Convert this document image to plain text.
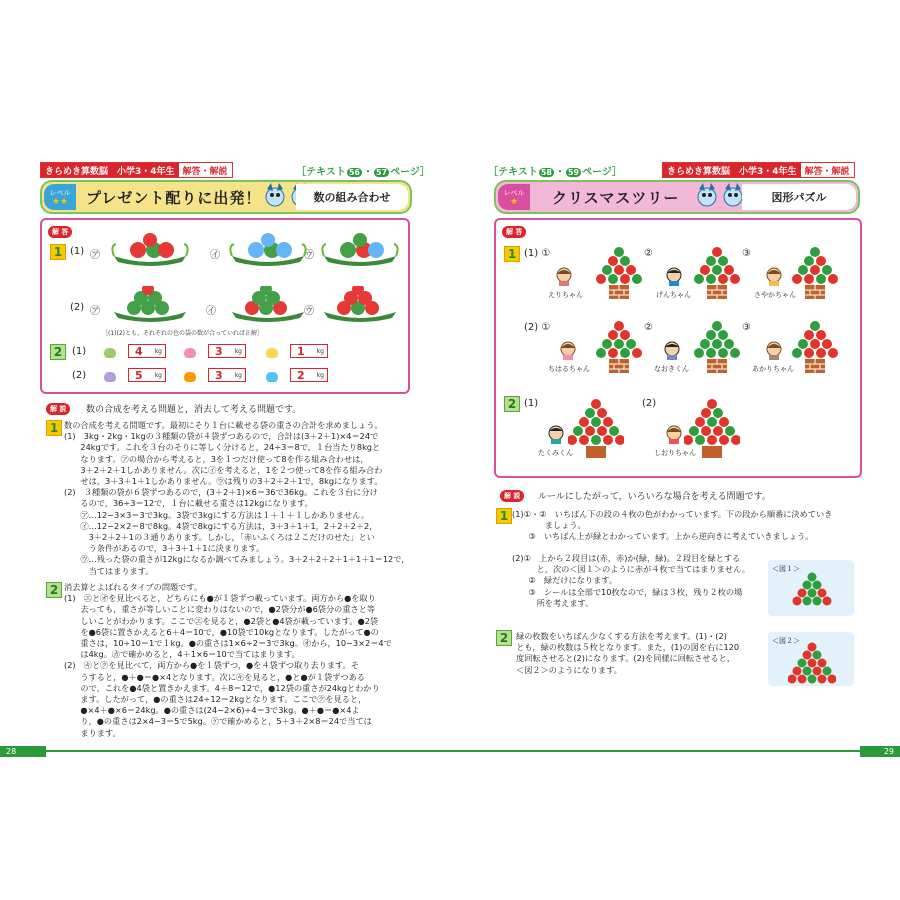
きらめき算数脳　小学3・4年生 解答・解説	［テキスト 56 ・ 57 ページ］
レベル
★★	プレゼント配りに出発！	数の組み合わせ
解 答
1 (1) ㋐	㋑	㋒
(2) ㋐	㋑	㋒
［(1)(2)とも，それぞれの色の袋の数が合っていれば正解］
2 (1)
(2)
4 kg	3 kg	1 kg
5 kg	3 kg	2 kg
解 説	数の合成を考える問題と，消去して考える問題です。
1 数の合成を考える問題です。最初にそり１台に載せる袋の重さの合計を求めましょう。
(1)　3kg・2kg・1kgの３種類の袋が４袋ずつあるので，合計は(3＋2＋1)×4＝24で
　　24kgです。これを３台のそりに等しく分けると，24÷3＝8で，１台当たり8kgと
　　なります。㋐の場合から考えると，3を１つだけ使って8を作る組み合わせは，
　　3＋2＋2＋1しかありません。次に㋑を考えると，1を２つ使って8を作る組み合わ
　　せは，3＋3＋1＋1しかありません。㋒は残りの3＋2＋2＋1で，8kgになります。
(2)　３種類の袋が６袋ずつあるので，(3＋2＋1)×6＝36で36kg。これを３台に分け
　　るので，36÷3＝12で，１台に載せる重さは12kgになります。
　　㋐…12−3×3＝3で3kg。3袋で3kgにする方法は１＋１＋１しかありません。
　　㋑…12−2×2＝8で8kg。4袋で8kgにする方法は，3＋3＋1＋1，2＋2＋2＋2，
　　　3＋2＋2＋1の３通りあります。しかし，「赤いふくろは２こだけのせた」とい
　　　う条件があるので，3＋3＋1＋1に決まります。
　　㋒…残った袋の重さが12kgになるか調べてみましょう。3＋2＋2＋2＋1＋1＋1＝12で，
　　　当てはまります。
2 消去算とよばれるタイプの問題です。
(1)　㋓と㋔を見比べると，どちらにも●が１袋ずつ載っています。両方から●を取り
　　去っても，重さが等しいことに変わりはないので，●2袋分が●6袋分の重さと等
　　しいことがわかります。ここで㋓を見ると，●2袋と●4袋が載っています。●2袋
　　を●6袋に置きかえると6＋4＝10で，●10袋で10kgとなります。したがって●の
　　重さは，10÷10＝1で１kg。●の重さは1×6÷2＝3で3kg。㋔から，10−3×2＝4で
　　は4kg。㋕で確かめると，4＋1×6＝10で当てはまります。
(2)　㋖と㋗を見比べて，両方から●を１袋ずつ，●を４袋ずつ取り去ります。そ
　　うすると，●＋●＝●×4となります。次に㋖を見ると，●と●が１袋ずつある
　　ので，これを●4袋と置きかえます。4＋8＝12で，●12袋の重さが24kgとわかり
　　ます。したがって，●の重さは24÷12＝2kgとなります。ここで㋗を見ると，
　　●×4＋●×6＝24kg。●の重さは(24−2×6)÷4＝3で3kg。●＋●＝●×4よ
　　り，●の重さは2×4−3＝5で5kg。㋘で確かめると，5＋3＋2×8＝24で当ては
　　まります。
28
［テキスト 58 ・ 59 ページ］	きらめき算数脳　小学3・4年生 解答・解説
レベル
★	クリスマスツリー	図形パズル
解 答
1 (1) ①	②	③
(2) ①	②	③
えりちゃん	げんちゃん	さやかちゃん
ちはるちゃん	なおきくん	あかりちゃん
2 (1)	(2)
たくみくん	しおりちゃん
解 説	ルールにしたがって，いろいろな場合を考える問題です。
1 (1)①・②　いちばん下の段の４枚の色がわかっています。下の段から順番に決めていき
　　　　ましょう。
　　③　いちばん上が緑とわかっています。上から逆向きに考えていきましょう。
(2)①　上から２段目は(赤，赤)か(緑，緑)。２段目を緑とする
　　　と，次の＜図１＞のように赤が４枚で当てはまりません。
　　②　緑だけになります。
　　③　シールは全部で10枚なので，緑は３枚，残り２枚の場
　　　所を考えます。
＜図１＞
2 緑の枚数をいちばん少なくする方法を考えます。(1)・(2)
とも，緑の枚数は５枚となります。また，(1)の図を右に120
度回転させると(2)になります。(2)を同様に回転させると，
＜図２＞のようになります。
＜図２＞
29
